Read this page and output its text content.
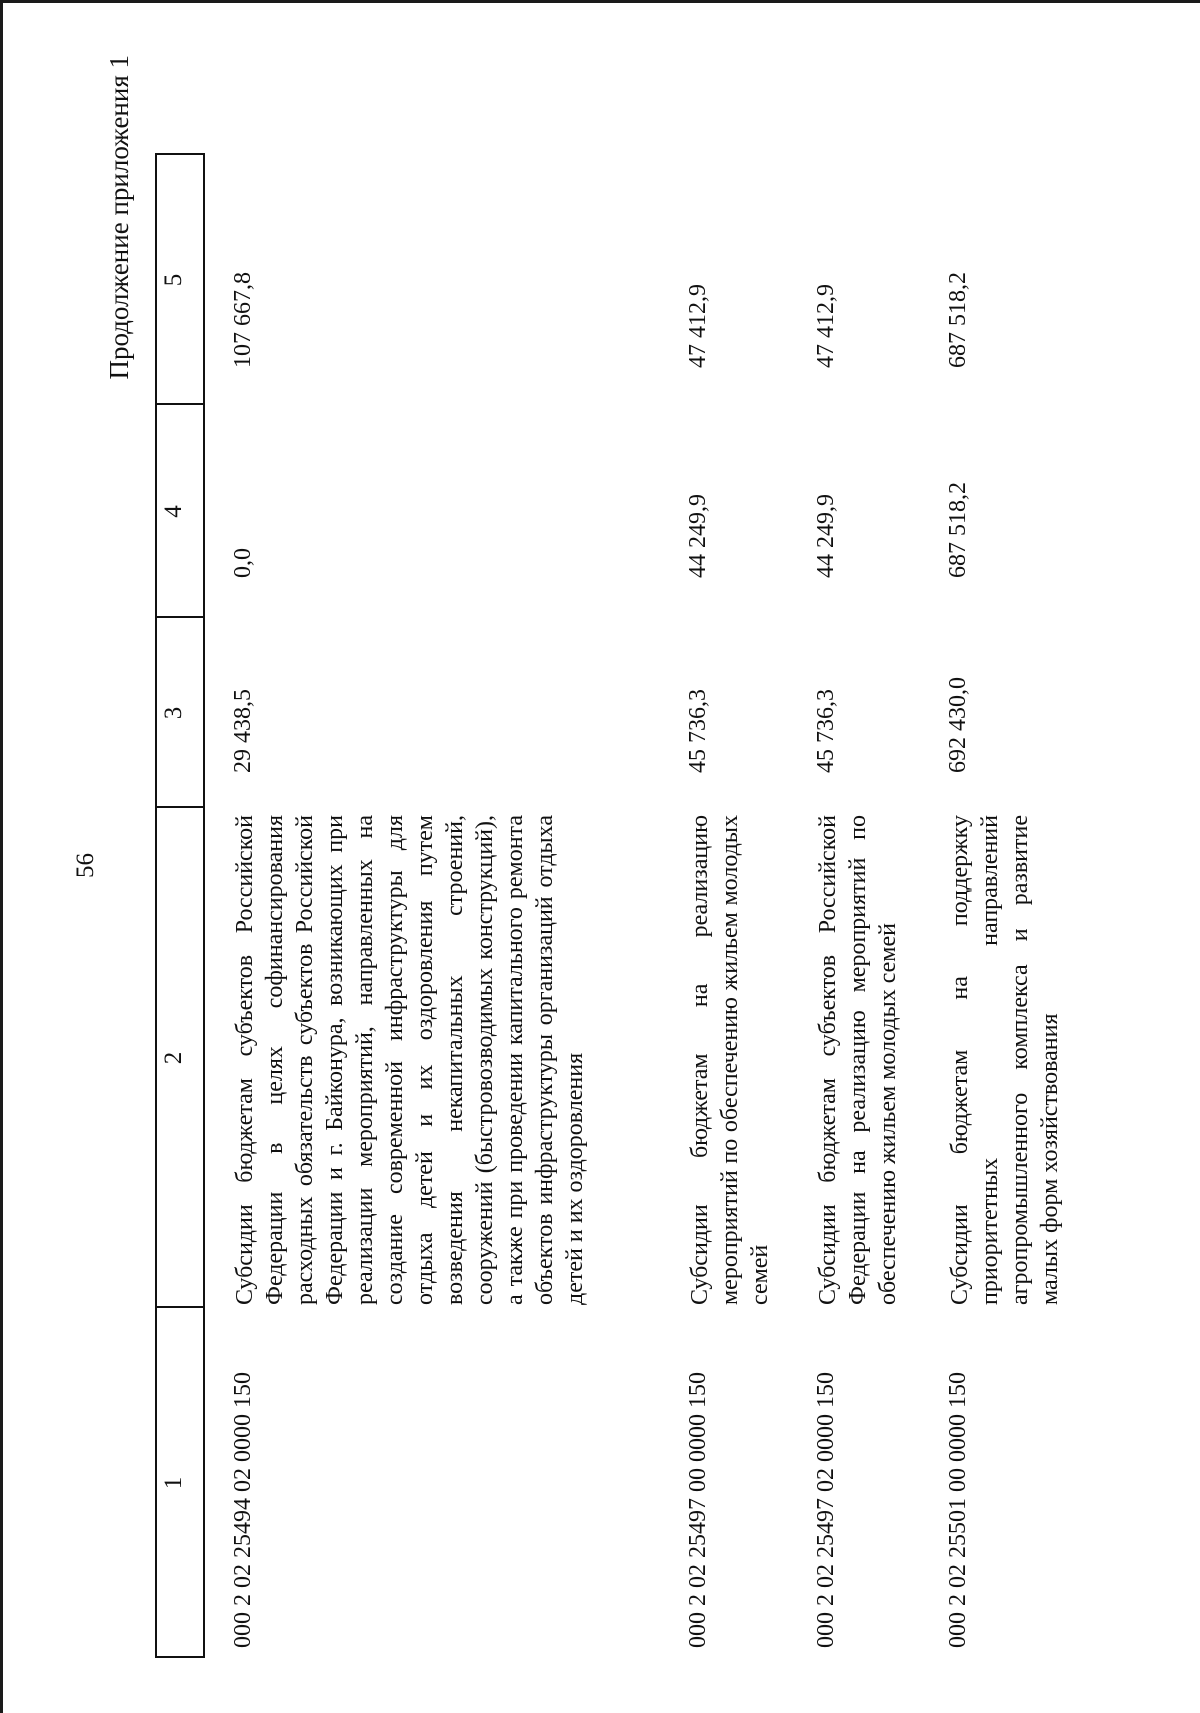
56
Продолжение приложения 1
1
2
3
4
5
000 2 02 25494 02 0000 150
Субсидии бюджетам субъектов Российской Федерации в целях софинансирования расходных обязательств субъектов Российской Федерации и г. Байконура, возникающих при реализации мероприятий, направленных на создание современной инфраструктуры для отдыха детей и их оздоровления путем возведения некапитальных строений, сооружений (быстровозводимых конструкций), а также при проведении капитального ремонта объектов инфраструктуры организаций отдыха детей и их оздоровления
29 438,5
0,0
107 667,8
000 2 02 25497 00 0000 150
Субсидии бюджетам на реализацию мероприятий по обеспечению жильем молодых семей
45 736,3
44 249,9
47 412,9
000 2 02 25497 02 0000 150
Субсидии бюджетам субъектов Российской Федерации на реализацию мероприятий по обеспечению жильем молодых семей
45 736,3
44 249,9
47 412,9
000 2 02 25501 00 0000 150
Субсидии бюджетам на поддержку приоритетных направлений агропромышленного комплекса и развитие малых форм хозяйствования
692 430,0
687 518,2
687 518,2
